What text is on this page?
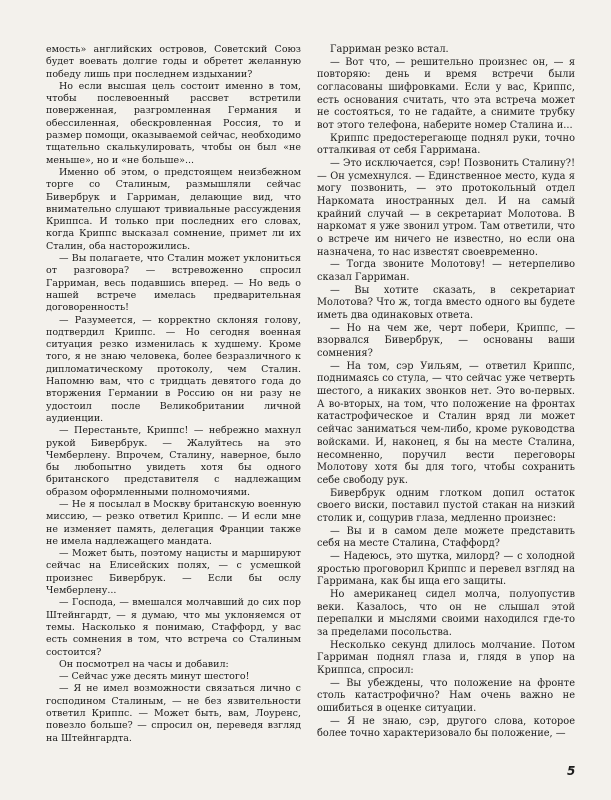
емость» английских островов, Советский Союз будет воевать долгие годы и обретет желанную победу лишь при последнем издыхании?

Но если высшая цель состоит именно в том, чтобы послевоенный рассвет встретили поверженная, разгромленная Германия и обессиленная, обескровленная Россия, то и размер помощи, оказываемой сейчас, необходимо тщательно скалькулировать, чтобы он был «не меньше», но и «не больше»...

Именно об этом, о предстоящем неизбежном торге со Сталиным, размышляли сейчас Бивербрук и Гарриман, делающие вид, что внимательно слушают тривиальные рассуждения Криппса. И только при последних его словах, когда Криппс высказал сомнение, примет ли их Сталин, оба насторожились.

— Вы полагаете, что Сталин может уклониться от разговора? — встревоженно спросил Гарриман, весь подавшись вперед. — Но ведь о нашей встрече имелась предварительная договоренность!

— Разумеется, — корректно склоняя голову, подтвердил Криппс. — Но сегодня военная ситуация резко изменилась к худшему. Кроме того, я не знаю человека, более безразличного к дипломатическому протоколу, чем Сталин. Напомню вам, что с тридцать девятого года до вторжения Германии в Россию он ни разу не удостоил после Великобритании личной аудиенции.

— Перестаньте, Криппс! — небрежно махнул рукой Бивербрук. — Жалуйтесь на это Чемберлену. Впрочем, Сталину, наверное, было бы любопытно увидеть хотя бы одного британского представителя с надлежащим образом оформленными полномочиями.

— Не я посылал в Москву британскую военную миссию, — резко ответил Криппс. — И если мне не изменяет память, делегация Франции также не имела надлежащего мандата.

— Может быть, поэтому нацисты и маршируют сейчас на Елисейских полях, — с усмешкой произнес Бивербрук. — Если бы ослу Чемберлену...

— Господа, — вмешался молчавший до сих пор Штейнгардт, — я думаю, что мы уклоняемся от темы. Насколько я понимаю, Стаффорд, у вас есть сомнения в том, что встреча со Сталиным состоится?

Он посмотрел на часы и добавил:

— Сейчас уже десять минут шестого!

— Я не имел возможности связаться лично с господином Сталиным, — не без язвительности ответил Криппс. — Может быть, вам, Лоуренс, повезло больше? — спросил он, переведя взгляд на Штейнгардта.

Гарриман резко встал.

— Вот что, — решительно произнес он, — я повторяю: день и время встречи были согласованы шифровками. Если у вас, Криппс, есть основания считать, что эта встреча может не состояться, то не гадайте, а снимите трубку вот этого телефона, наберите номер Сталина и...

Криппс предостерегающе поднял руки, точно отталкивая от себя Гарримана.

— Это исключается, сэр! Позвонить Сталину?! — Он усмехнулся. — Единственное место, куда я могу позвонить, — это протокольный отдел Наркомата иностранных дел. И на самый крайний случай — в секретариат Молотова. В наркомат я уже звонил утром. Там ответили, что о встрече им ничего не известно, но если она назначена, то нас известят своевременно.

— Тогда звоните Молотову! — нетерпеливо сказал Гарриман.

— Вы хотите сказать, в секретариат Молотова? Что ж, тогда вместо одного вы будете иметь два одинаковых ответа.

— Но на чем же, черт побери, Криппс, — взорвался Бивербрук, — основаны ваши сомнения?

— На том, сэр Уильям, — ответил Криппс, поднимаясь со стула, — что сейчас уже четверть шестого, а никаких звонков нет. Это во-первых. А во-вторых, на том, что положение на фронтах катастрофическое и Сталин вряд ли может сейчас заниматься чем-либо, кроме руководства войсками. И, наконец, я бы на месте Сталина, несомненно, поручил вести переговоры Молотову хотя бы для того, чтобы сохранить себе свободу рук.

Бивербрук одним глотком допил остаток своего виски, поставил пустой стакан на низкий столик и, сощурив глаза, медленно произнес:

— Вы и в самом деле можете представить себя на месте Сталина, Стаффорд?

— Надеюсь, это шутка, милорд? — с холодной яростью проговорил Криппс и перевел взгляд на Гарримана, как бы ища его защиты.

Но американец сидел молча, полуопустив веки. Казалось, что он не слышал этой перепалки и мыслями своими находился где-то за пределами посольства.

Несколько секунд длилось молчание. Потом Гарриман поднял глаза и, глядя в упор на Криппса, спросил:

— Вы убеждены, что положение на фронте столь катастрофично? Нам очень важно не ошибиться в оценке ситуации.

— Я не знаю, сэр, другого слова, которое более точно характеризовало бы положение, —

5
